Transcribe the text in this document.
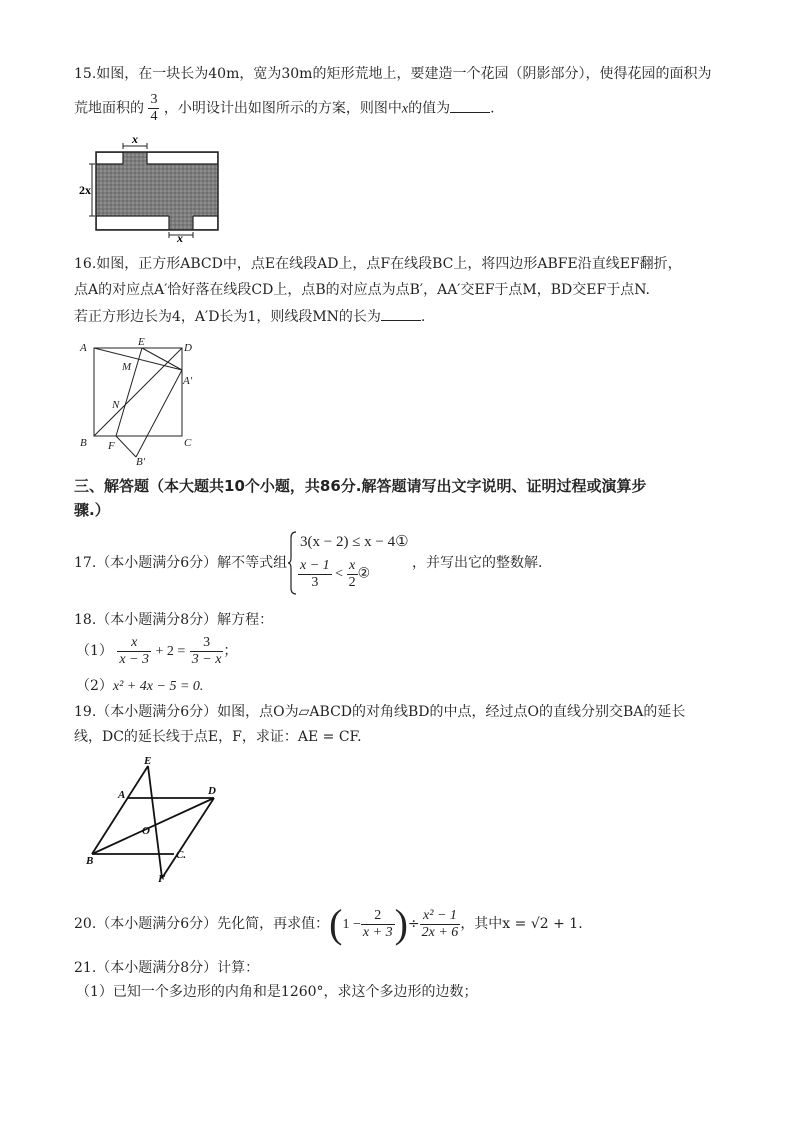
15.如图，在一块长为40m，宽为30m的矩形荒地上，要建造一个花园（阴影部分），使得花园的面积为
荒地面积的 $\frac{3}{4}$ ，小明设计出如图所示的方案，则图中x的值为	.
x
2x
x
16.如图，正方形ABCD中，点E在线段AD上，点F在线段BC上，将四边形ABFE沿直线EF翻折，
点A的对应点A′恰好落在线段CD上，点B的对应点为点B′，AA′交EF于点M，BD交EF于点N.
若正方形边长为4，A′D长为1，则线段MN的长为	.
A	E	D
M
A′
N
B F	C
B′
三、解答题（本大题共10个小题，共86分.解答题请写出文字说明、证明过程或演算步
骤.）
17.（本小题满分6分）解不等式组
3(x − 2) ≤ x − 4①
$\frac{x - 1}{3} < \frac{x}{2}$ ②
，并写出它的整数解.
18.（本小题满分8分）解方程：
$(1) \frac{x}{x - 3} + 2 = \frac{3}{3 - x}$ ；
（2）x² + 4x − 5 = 0.
19.（本小题满分6分）如图，点O为▱ABCD的对角线BD的中点，经过点O的直线分别交BA的延长
线，DC的延长线于点E，F，求证：AE = CF.
E
A	D
O
B	C.
F
20.（本小题满分6分）先化简，再求值：($1 - \frac{2}{x + 3}$ )÷ $\frac{\text{x² − 1}}{2x + 6}$ ，其中x = √2 + 1.
21.（本小题满分8分）计算：
（1）已知一个多边形的内角和是1260°，求这个多边形的边数；
